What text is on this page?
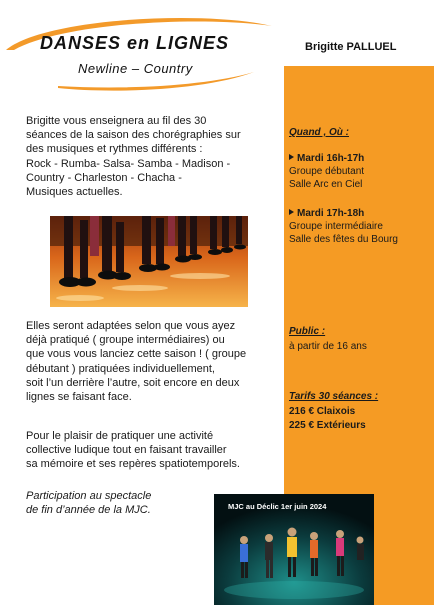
DANSES en LIGNES
Newline – Country
Brigitte PALLUEL
Quand , Où :
Mardi 16h-17h
Groupe débutant
Salle Arc en Ciel
Mardi 17h-18h
Groupe intermédiaire
Salle des fêtes du Bourg
Public :
à partir de 16 ans
Tarifs 30 séances :
216 € Claixois
225 € Extérieurs
Brigitte vous enseignera au fil des 30
séances de la saison des chorégraphies sur
des musiques et rythmes différents :
Rock - Rumba- Salsa- Samba - Madison -
Country - Charleston - Chacha -
Musiques actuelles.
Elles seront adaptées selon que vous ayez
déjà pratiqué ( groupe intermédiaires) ou
que vous vous lanciez cette saison ! ( groupe
débutant ) pratiquées individuellement,
soit l’un derrière l’autre, soit encore en deux
lignes se faisant face.
Pour le plaisir de pratiquer une activité
collective ludique tout en faisant travailler
sa mémoire et ses repères spatiotemporels.
Participation au spectacle
de fin d’année de la MJC.	MJC au Déclic 1er juin 2024
